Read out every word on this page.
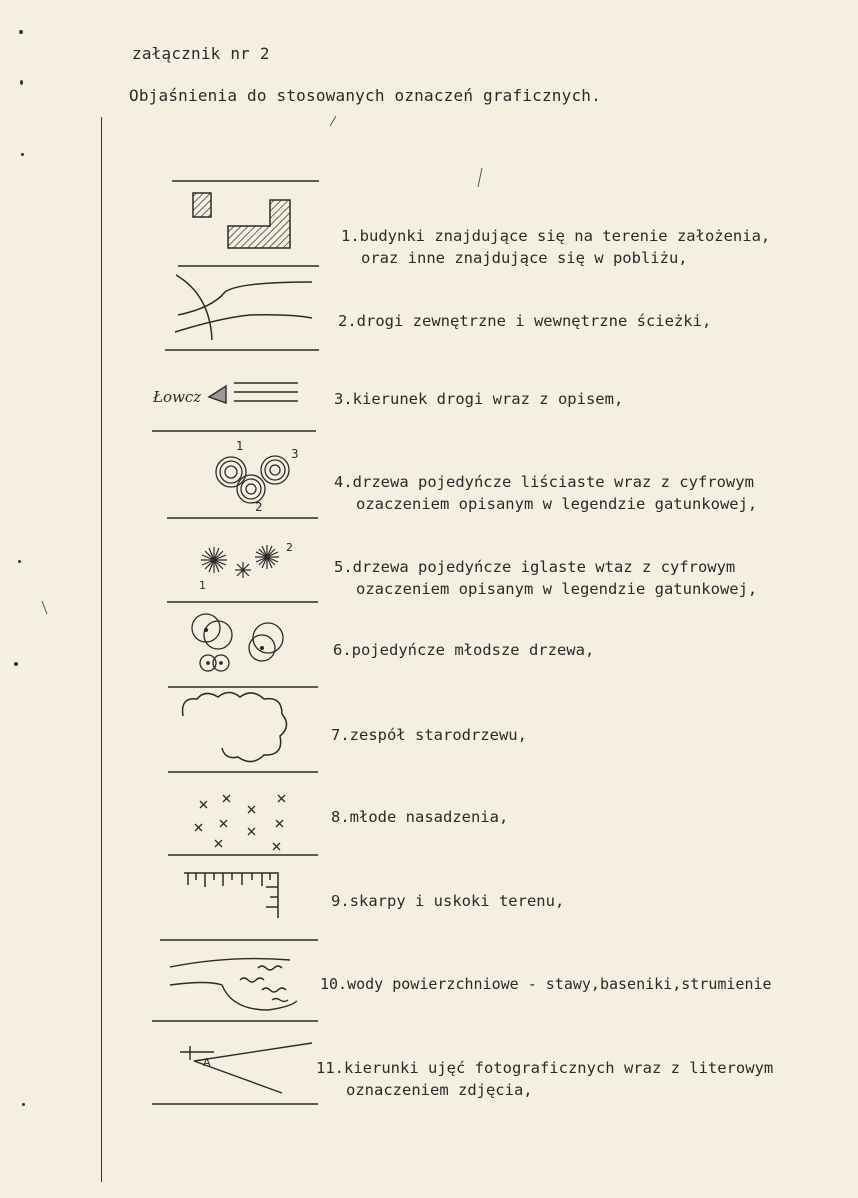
załącznik nr 2
Objaśnienia do stosowanych oznaczeń graficznych.
Łowcz
1
2
3
1
2
A
1.budynki znajdujące się na terenie założenia,
oraz inne znajdujące się w pobliżu,
2.drogi zewnętrzne i wewnętrzne ścieżki,
3.kierunek drogi wraz z opisem,
4.drzewa pojedyńcze liściaste wraz z cyfrowym
ozaczeniem opisanym w legendzie gatunkowej,
5.drzewa pojedyńcze iglaste wtaz z cyfrowym
ozaczeniem opisanym w legendzie gatunkowej,
6.pojedyńcze młodsze drzewa,
7.zespół starodrzewu,
8.młode nasadzenia,
9.skarpy i uskoki terenu,
10.wody powierzchniowe - stawy,baseniki,strumienie
11.kierunki ujęć fotograficznych wraz z literowym
oznaczeniem zdjęcia,
